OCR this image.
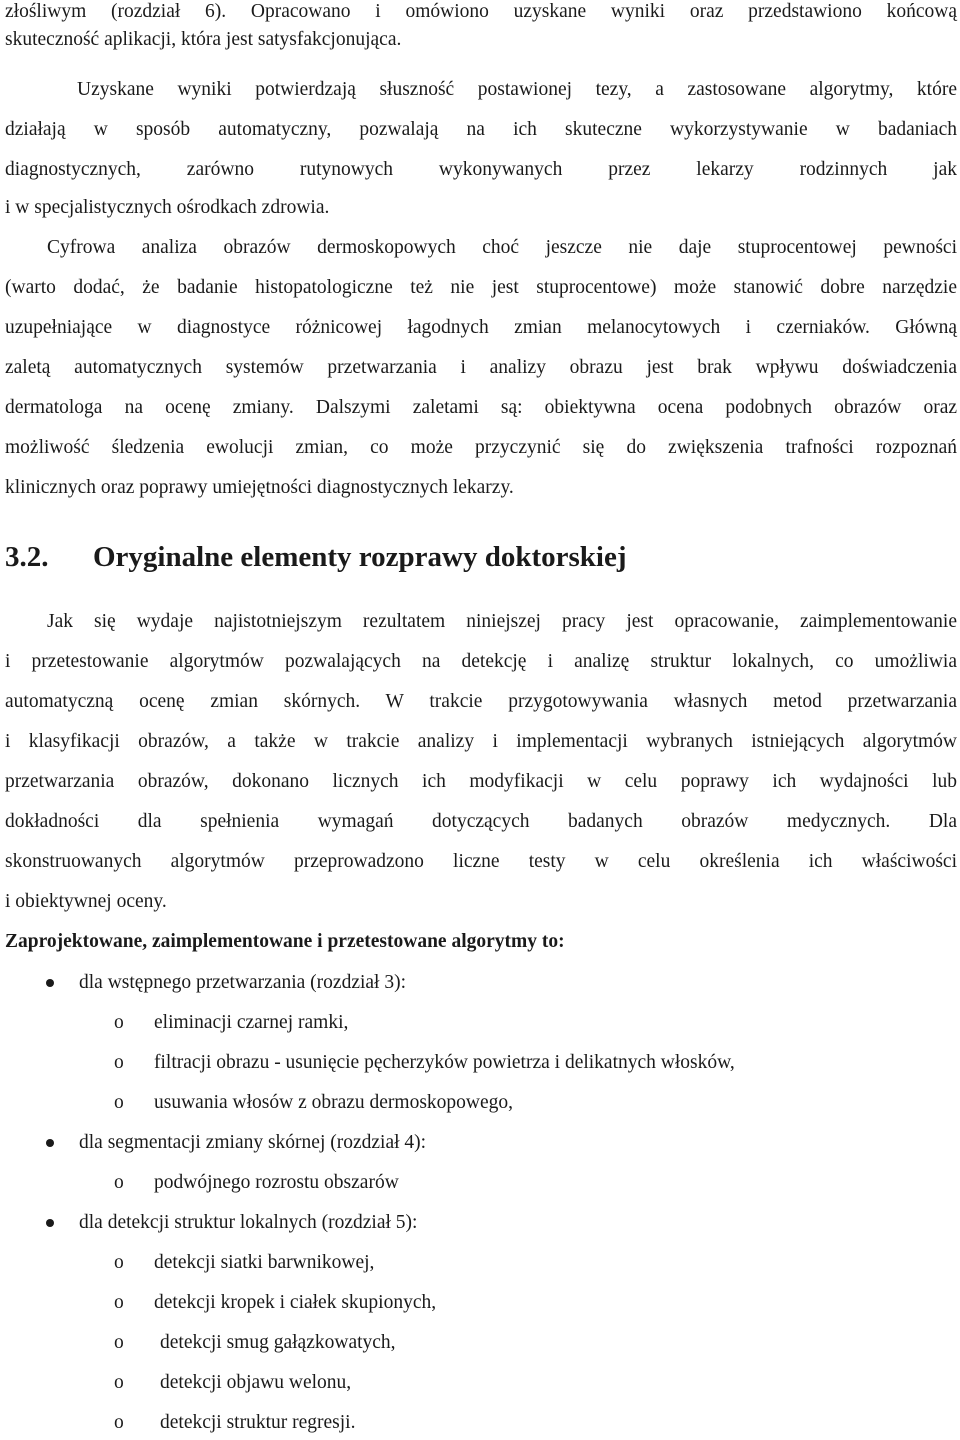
złośliwym (rozdział 6). Opracowano i omówiono uzyskane wyniki oraz przedstawiono końcową
skuteczność aplikacji, która jest satysfakcjonująca.
Uzyskane wyniki potwierdzają słuszność postawionej tezy, a zastosowane algorytmy, które
działają w sposób automatyczny, pozwalają na ich skuteczne wykorzystywanie w badaniach
diagnostycznych, zarówno rutynowych wykonywanych przez lekarzy rodzinnych jak
i w specjalistycznych ośrodkach zdrowia.
Cyfrowa analiza obrazów dermoskopowych choć jeszcze nie daje stuprocentowej pewności
(warto dodać, że badanie histopatologiczne też nie jest stuprocentowe) może stanowić dobre narzędzie
uzupełniające w diagnostyce różnicowej łagodnych zmian melanocytowych i czerniaków. Główną
zaletą automatycznych systemów przetwarzania i analizy obrazu jest brak wpływu doświadczenia
dermatologa na ocenę zmiany. Dalszymi zaletami są: obiektywna ocena podobnych obrazów oraz
możliwość śledzenia ewolucji zmian, co może przyczynić się do zwiększenia trafności rozpoznań
klinicznych oraz poprawy umiejętności diagnostycznych lekarzy.
3.2. Oryginalne elementy rozprawy doktorskiej
Jak się wydaje najistotniejszym rezultatem niniejszej pracy jest opracowanie, zaimplementowanie
i przetestowanie algorytmów pozwalających na detekcję i analizę struktur lokalnych, co umożliwia
automatyczną ocenę zmian skórnych. W trakcie przygotowywania własnych metod przetwarzania
i klasyfikacji obrazów, a także w trakcie analizy i implementacji wybranych istniejących algorytmów
przetwarzania obrazów, dokonano licznych ich modyfikacji w celu poprawy ich wydajności lub
dokładności dla spełnienia wymagań dotyczących badanych obrazów medycznych. Dla
skonstruowanych algorytmów przeprowadzono liczne testy w celu określenia ich właściwości
i obiektywnej oceny.
Zaprojektowane, zaimplementowane i przetestowane algorytmy to:
dla wstępnego przetwarzania (rozdział 3):
o eliminacji czarnej ramki,
o filtracji obrazu - usunięcie pęcherzyków powietrza i delikatnych włosków,
o usuwania włosów z obrazu dermoskopowego,
dla segmentacji zmiany skórnej (rozdział 4):
o podwójnego rozrostu obszarów
dla detekcji struktur lokalnych (rozdział 5):
o detekcji siatki barwnikowej,
o detekcji kropek i ciałek skupionych,
o detekcji smug gałązkowatych,
o detekcji objawu welonu,
o detekcji struktur regresji.
